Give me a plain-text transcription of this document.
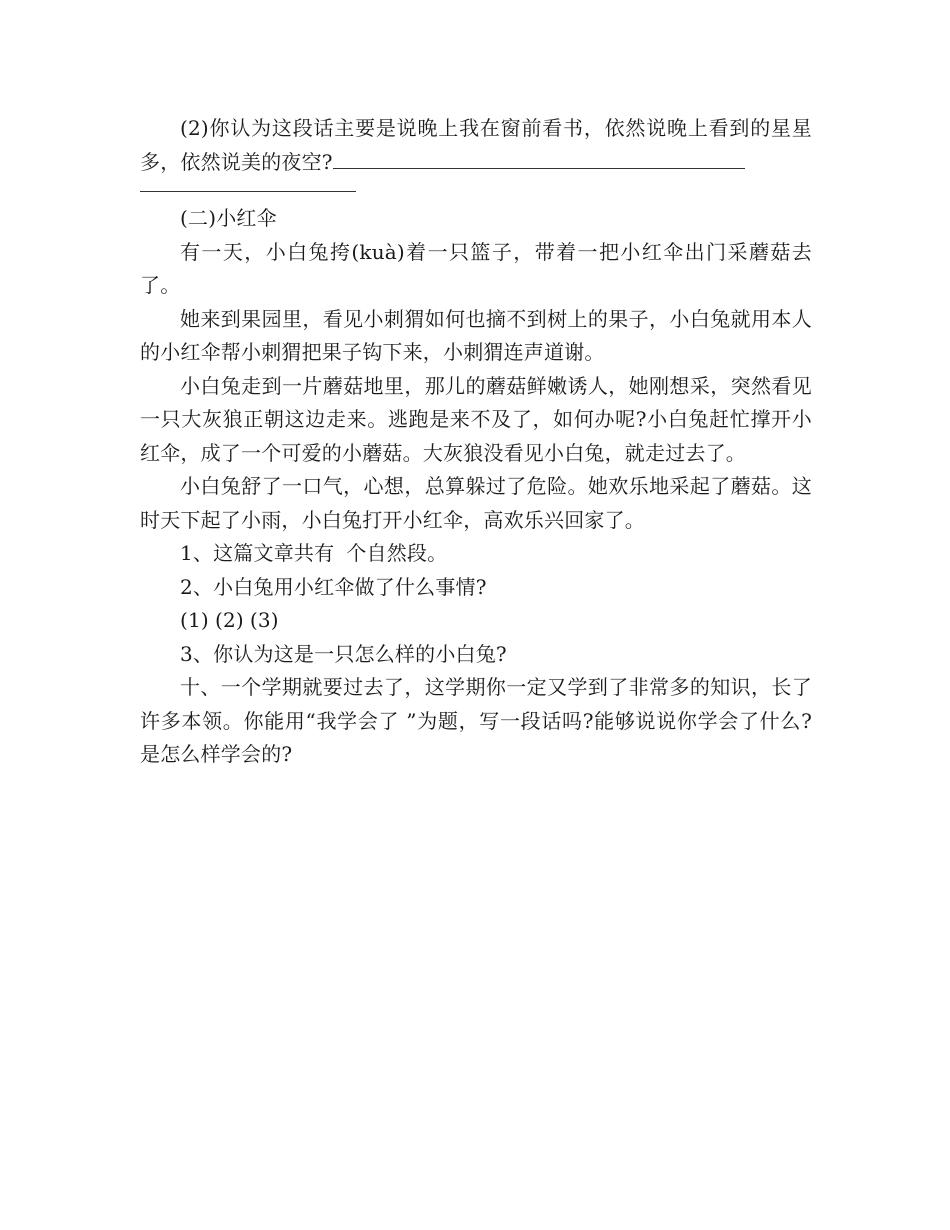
(2)你认为这段话主要是说晚上我在窗前看书，依然说晚上看到的星星多，依然说美的夜空?

(二)小红伞

有一天，小白兔挎(kuà)着一只篮子，带着一把小红伞出门采蘑菇去了。

她来到果园里，看见小刺猬如何也摘不到树上的果子，小白兔就用本人的小红伞帮小刺猬把果子钩下来，小刺猬连声道谢。

小白兔走到一片蘑菇地里，那儿的蘑菇鲜嫩诱人，她刚想采，突然看见一只大灰狼正朝这边走来。逃跑是来不及了，如何办呢?小白兔赶忙撑开小红伞，成了一个可爱的小蘑菇。大灰狼没看见小白兔，就走过去了。

小白兔舒了一口气，心想，总算躲过了危险。她欢乐地采起了蘑菇。这时天下起了小雨，小白兔打开小红伞，高欢乐兴回家了。

1、这篇文章共有 个自然段。

2、小白兔用小红伞做了什么事情?

(1) (2) (3)

3、你认为这是一只怎么样的小白兔?

十、一个学期就要过去了，这学期你一定又学到了非常多的知识，长了许多本领。你能用“我学会了 ”为题，写一段话吗?能够说说你学会了什么?是怎么样学会的?
